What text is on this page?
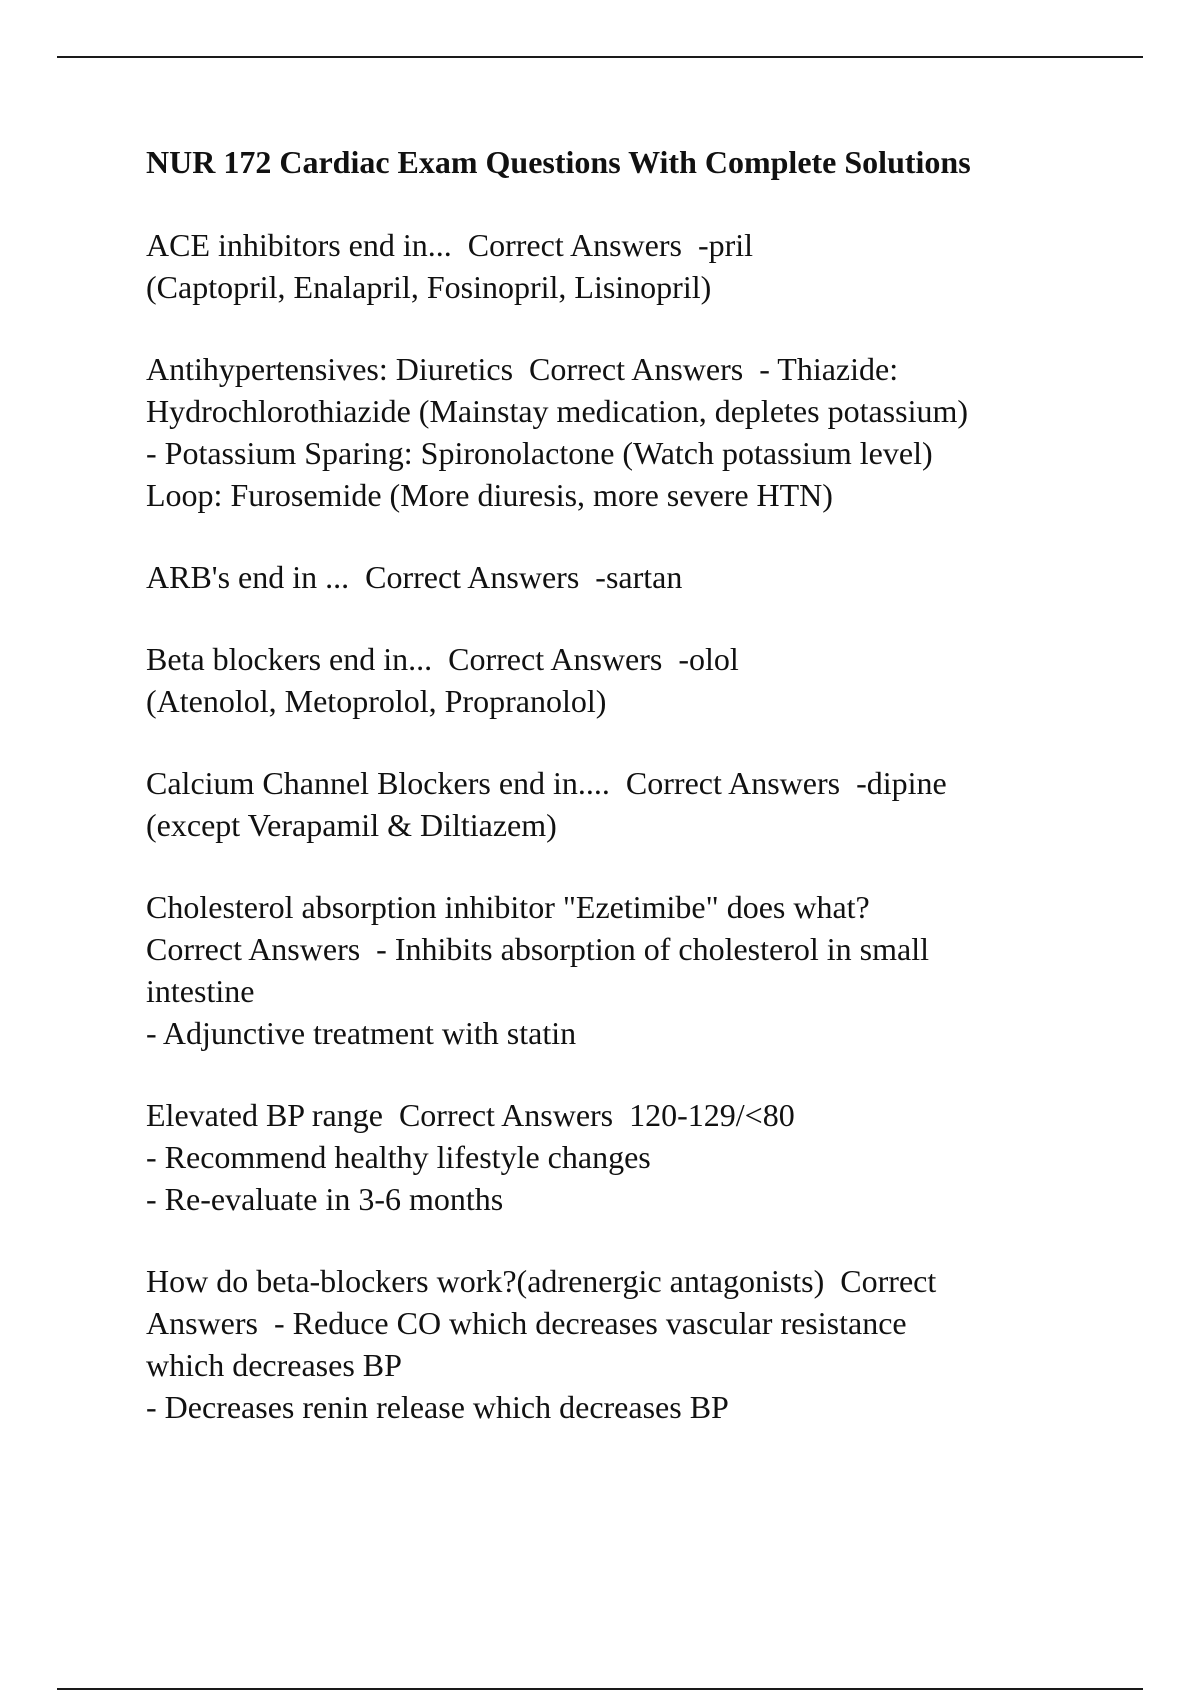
NUR 172 Cardiac Exam Questions With Complete Solutions
ACE inhibitors end in...  Correct Answers  -pril
(Captopril, Enalapril, Fosinopril, Lisinopril)
Antihypertensives: Diuretics  Correct Answers  - Thiazide:
Hydrochlorothiazide (Mainstay medication, depletes potassium)
- Potassium Sparing: Spironolactone (Watch potassium level)
Loop: Furosemide (More diuresis, more severe HTN)
ARB's end in ...  Correct Answers  -sartan
Beta blockers end in...  Correct Answers  -olol
(Atenolol, Metoprolol, Propranolol)
Calcium Channel Blockers end in....  Correct Answers  -dipine
(except Verapamil & Diltiazem)
Cholesterol absorption inhibitor "Ezetimibe" does what?
Correct Answers  - Inhibits absorption of cholesterol in small
intestine
- Adjunctive treatment with statin
Elevated BP range  Correct Answers  120-129/<80
- Recommend healthy lifestyle changes
- Re-evaluate in 3-6 months
How do beta-blockers work?(adrenergic antagonists)  Correct
Answers  - Reduce CO which decreases vascular resistance
which decreases BP
- Decreases renin release which decreases BP
